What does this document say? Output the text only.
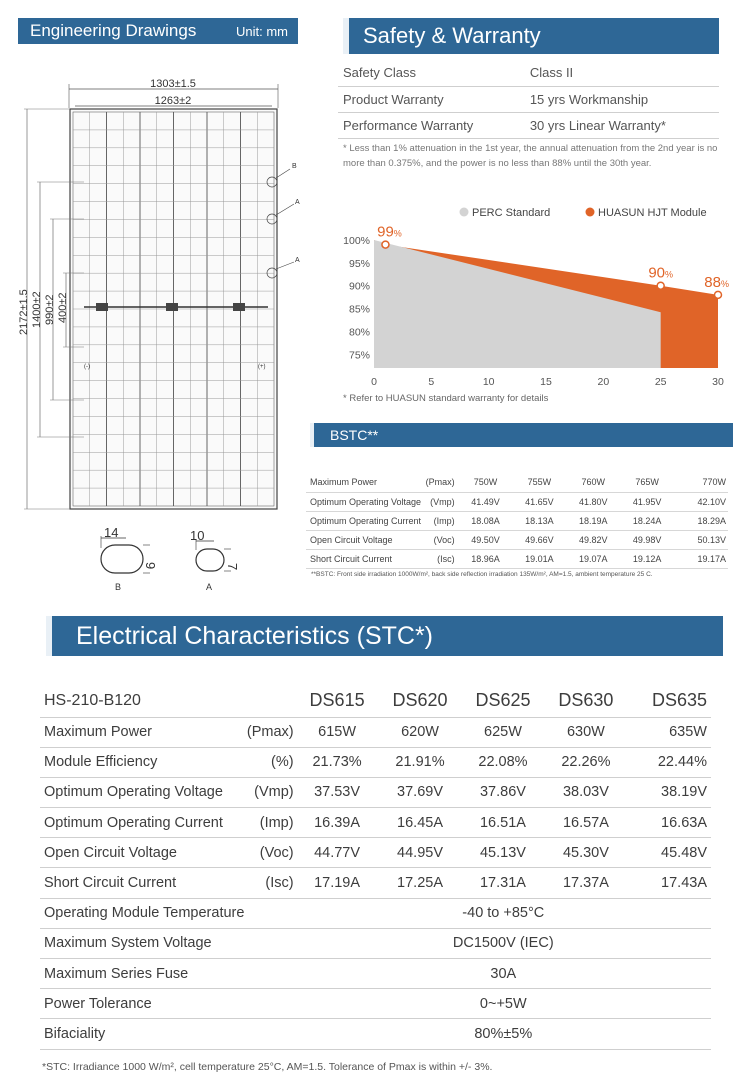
Engineering Drawings	Unit: mm
1303±1.5
1263±2
2172±1.5 1400±2 990±2 400±2
(-)	(+)
B
A
A
14
9
B
10
7
A
Safety & Warranty
Safety Class	Class II
Product Warranty	15 yrs Workmanship
Performance Warranty	30 yrs Linear Warranty*
* Less than 1% attenuation in the 1st year, the annual attenuation from the 2nd year is no more than 0.375%, and the power is no less than 88% until the 30th year.
PERC Standard	HUASUN HJT Module
100%
95%
90%
85%
80%
75%
0	5	10	15	20	25	30
99%
90% 88%
* Refer to HUASUN standard warranty for details
BSTC**
Maximum Power	(Pmax)	750W	755W	760W	765W	770W
Optimum Operating Voltage	(Vmp)	41.49V	41.65V	41.80V	41.95V	42.10V
Optimum Operating Current	(Imp)	18.08A	18.13A	18.19A	18.24A	18.29A
Open Circuit Voltage	(Voc)	49.50V	49.66V	49.82V	49.98V	50.13V
Short Circuit Current	(Isc)	18.96A	19.01A	19.07A	19.12A	19.17A
**BSTC: Front side irradiation 1000W/m², back side reflection irradiation 135W/m², AM=1.5, ambient temperature 25 C.
Electrical Characteristics (STC*)
HS-210-B120		DS615	DS620	DS625	DS630	DS635
Maximum Power	(Pmax)	615W	620W	625W	630W	635W
Module Efficiency	(%)	21.73%	21.91%	22.08%	22.26%	22.44%
Optimum Operating Voltage	(Vmp)	37.53V	37.69V	37.86V	38.03V	38.19V
Optimum Operating Current	(Imp)	16.39A	16.45A	16.51A	16.57A	16.63A
Open Circuit Voltage	(Voc)	44.77V	44.95V	45.13V	45.30V	45.48V
Short Circuit Current	(Isc)	17.19A	17.25A	17.31A	17.37A	17.43A
Operating Module Temperature		-40 to +85°C				
Maximum System Voltage		DC1500V (IEC)				
Maximum Series Fuse		30A				
Power Tolerance		0~+5W				
Bifaciality		80%±5%				
*STC: Irradiance 1000 W/m², cell temperature 25°C, AM=1.5. Tolerance of Pmax is within +/- 3%.
